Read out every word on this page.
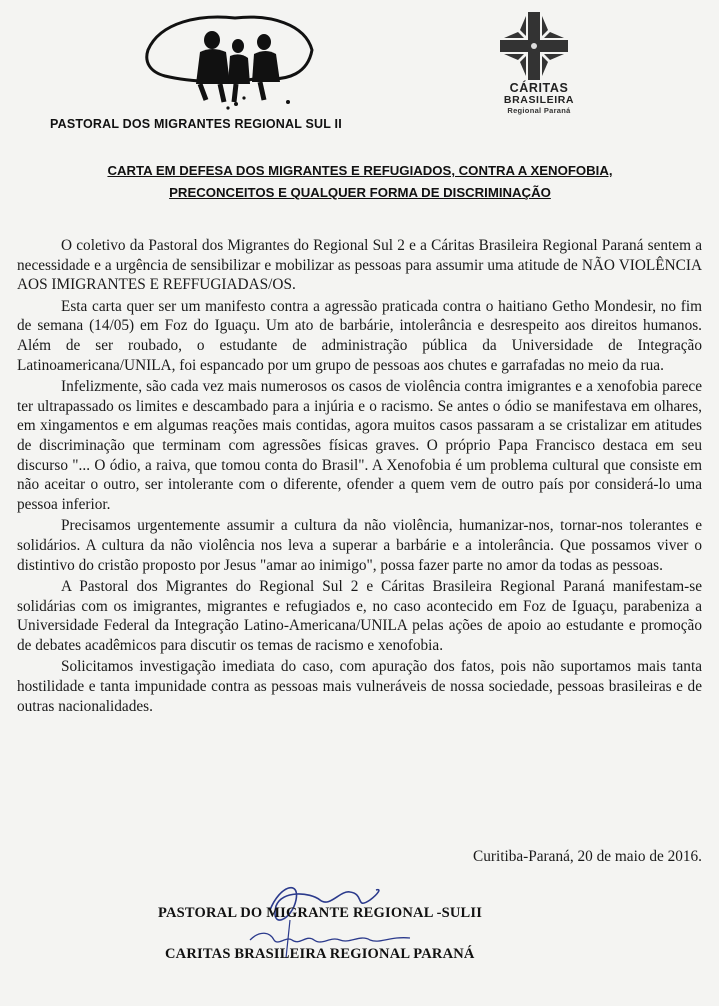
PASTORAL DOS MIGRANTES REGIONAL SUL II
CÁRITAS
BRASILEIRA
Regional Paraná
CARTA EM DEFESA DOS MIGRANTES E REFUGIADOS, CONTRA A XENOFOBIA,
PRECONCEITOS E QUALQUER FORMA DE DISCRIMINAÇÃO

O coletivo da Pastoral dos Migrantes do Regional Sul 2 e a Cáritas Brasileira Regional Paraná sentem a necessidade e a urgência de sensibilizar e mobilizar as pessoas para assumir uma atitude de NÃO VIOLÊNCIA AOS IMIGRANTES E REFFUGIADAS/OS.

Esta carta quer ser um manifesto contra a agressão praticada contra o haitiano Getho Mondesir, no fim de semana (14/05) em Foz do Iguaçu. Um ato de barbárie, intolerância e desrespeito aos direitos humanos. Além de ser roubado, o estudante de administração pública da Universidade de Integração Latinoamericana/UNILA, foi espancado por um grupo de pessoas aos chutes e garrafadas no meio da rua.

Infelizmente, são cada vez mais numerosos os casos de violência contra imigrantes e a xenofobia parece ter ultrapassado os limites e descambado para a injúria e o racismo. Se antes o ódio se manifestava em olhares, em xingamentos e em algumas reações mais contidas, agora muitos casos passaram a se cristalizar em atitudes de discriminação que terminam com agressões físicas graves. O próprio Papa Francisco destaca em seu discurso "... O ódio, a raiva, que tomou conta do Brasil". A Xenofobia é um problema cultural que consiste em não aceitar o outro, ser intolerante com o diferente, ofender a quem vem de outro país por considerá-lo uma pessoa inferior.

Precisamos urgentemente assumir a cultura da não violência, humanizar-nos, tornar-nos tolerantes e solidários. A cultura da não violência nos leva a superar a barbárie e a intolerância. Que possamos viver o distintivo do cristão proposto por Jesus "amar ao inimigo", possa fazer parte no amor da todas as pessoas.

A Pastoral dos Migrantes do Regional Sul 2 e Cáritas Brasileira Regional Paraná manifestam-se solidárias com os imigrantes, migrantes e refugiados e, no caso acontecido em Foz de Iguaçu, parabeniza a Universidade Federal da Integração Latino-Americana/UNILA pelas ações de apoio ao estudante e promoção de debates acadêmicos para discutir os temas de racismo e xenofobia.

Solicitamos investigação imediata do caso, com apuração dos fatos, pois não suportamos mais tanta hostilidade e tanta impunidade contra as pessoas mais vulneráveis de nossa sociedade, pessoas brasileiras e de outras nacionalidades.

Curitiba-Paraná, 20 de maio de 2016.
PASTORAL DO MIGRANTE REGIONAL -SULII
CARITAS BRASILEIRA REGIONAL PARANÁ
